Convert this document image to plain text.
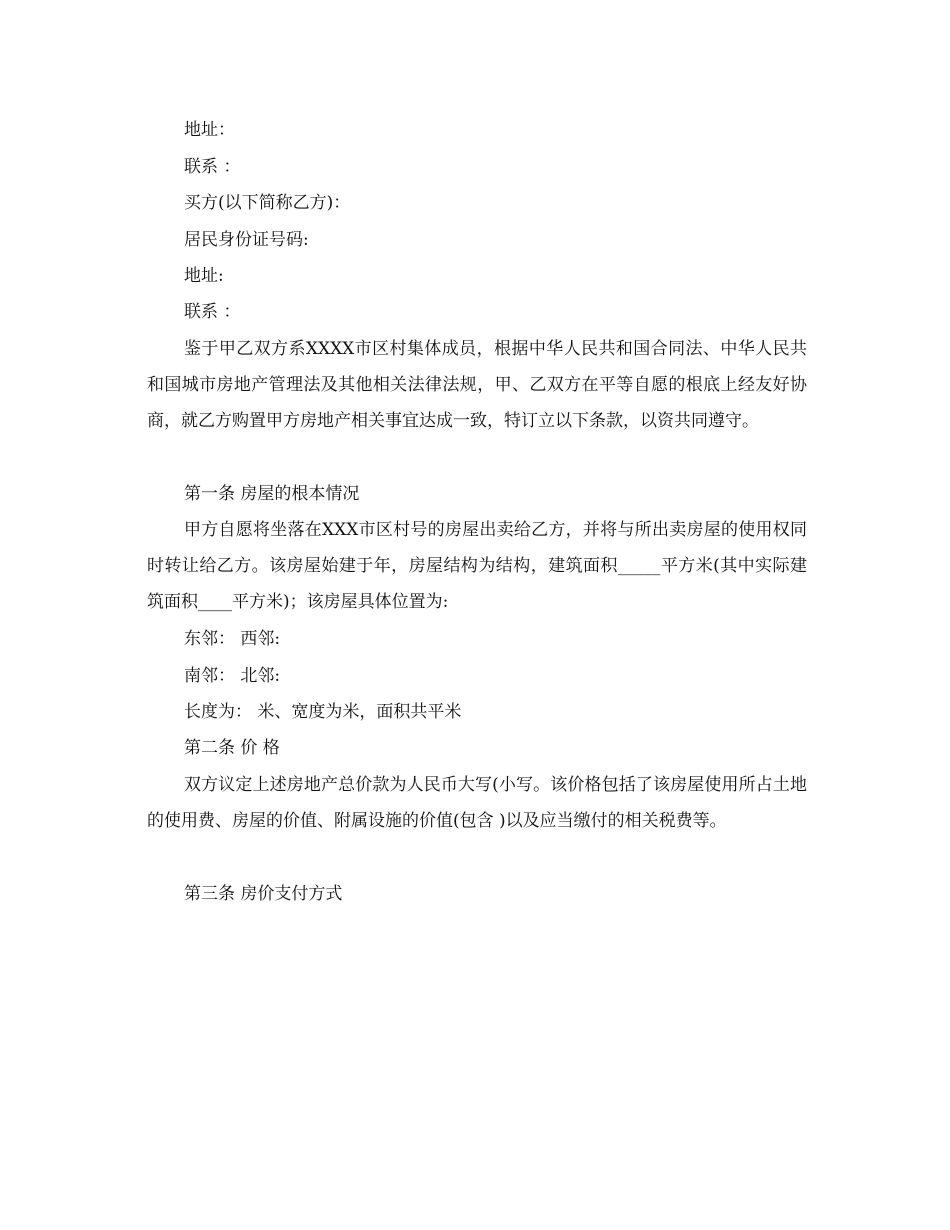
地址：
联系 ：
买方(以下简称乙方)：
居民身份证号码:
地址:
联系 ：
鉴于甲乙双方系XXXX市区村集体成员，根据中华人民共和国合同法、中华人民共和国城市房地产管理法及其他相关法律法规，甲、乙双方在平等自愿的根底上经友好协商，就乙方购置甲方房地产相关事宜达成一致，特订立以下条款，以资共同遵守。
第一条 房屋的根本情况
甲方自愿将坐落在XXX市区村号的房屋出卖给乙方，并将与所出卖房屋的使用权同时转让给乙方。该房屋始建于年，房屋结构为结构，建筑面积_____平方米(其中实际建筑面积____平方米)；该房屋具体位置为:
东邻： 西邻:
南邻： 北邻:
长度为： 米、宽度为米，面积共平米
第二条 价 格
双方议定上述房地产总价款为人民币大写(小写。该价格包括了该房屋使用所占土地的使用费、房屋的价值、附属设施的价值(包含 )以及应当缴付的相关税费等。
第三条 房价支付方式
